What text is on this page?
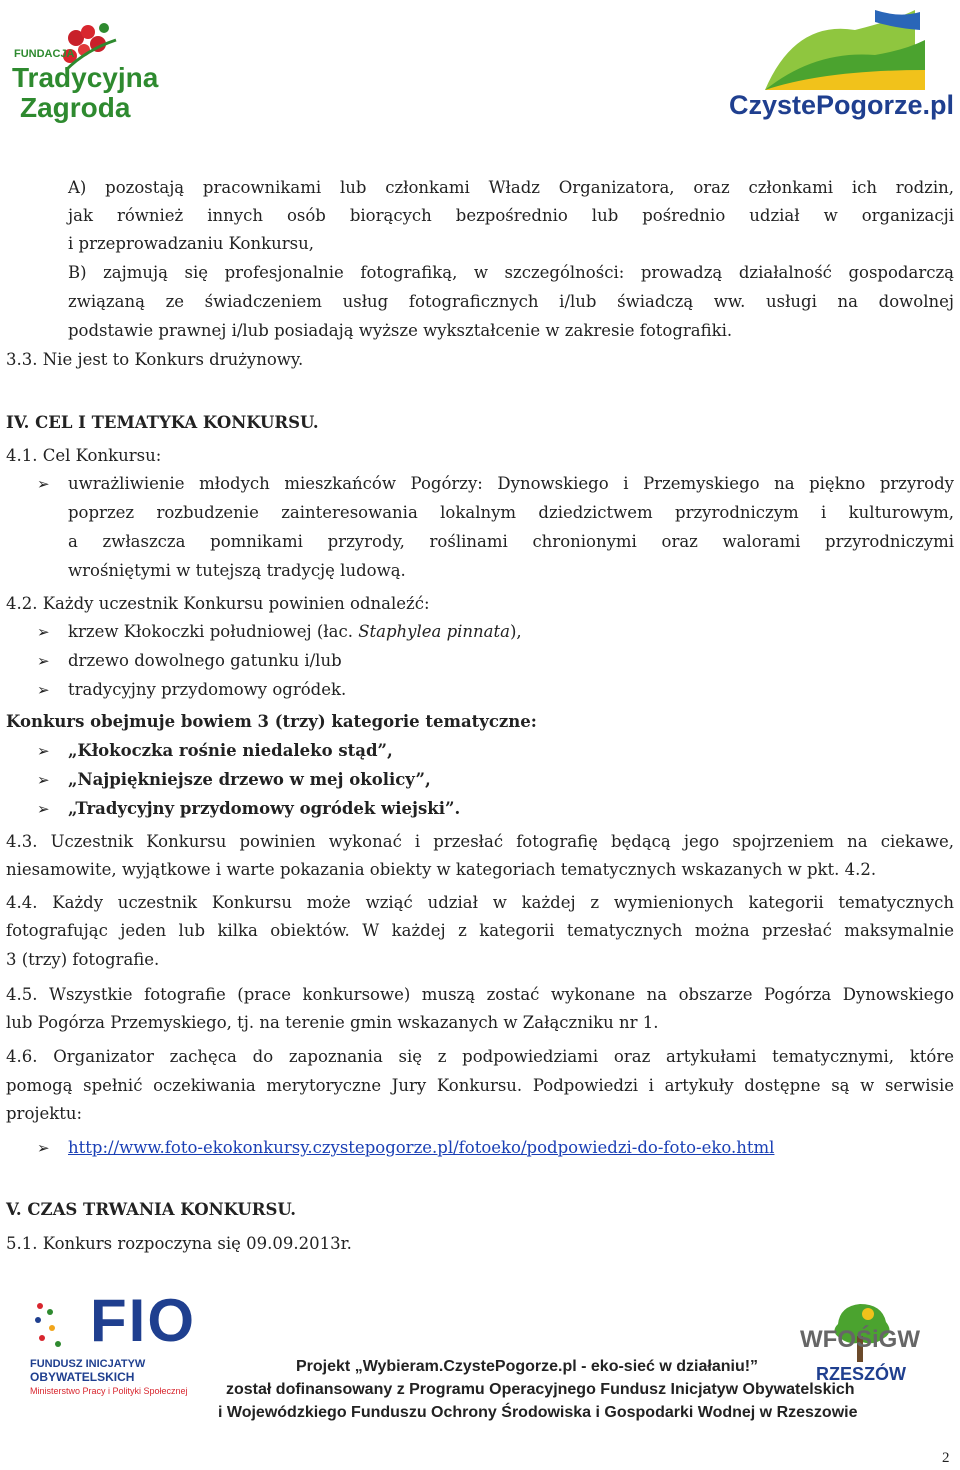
FUNDACJA
Tradycyjna
Zagroda	CzystePogorze.pl
A) pozostają pracownikami lub członkami Władz Organizatora, oraz członkami ich rodzin,
jak również innych osób biorących bezpośrednio lub pośrednio udział w organizacji
i przeprowadzaniu Konkursu,
B) zajmują się profesjonalnie fotografiką, w szczególności: prowadzą działalność gospodarczą
związaną ze świadczeniem usług fotograficznych i/lub świadczą ww. usługi na dowolnej
podstawie prawnej i/lub posiadają wyższe wykształcenie w zakresie fotografiki.
3.3. Nie jest to Konkurs drużynowy.
IV. CEL I TEMATYKA KONKURSU.
4.1. Cel Konkursu:
➢ uwrażliwienie młodych mieszkańców Pogórzy: Dynowskiego i Przemyskiego na piękno przyrody
poprzez rozbudzenie zainteresowania lokalnym dziedzictwem przyrodniczym i kulturowym,
a zwłaszcza pomnikami przyrody, roślinami chronionymi oraz walorami przyrodniczymi
wrośniętymi w tutejszą tradycję ludową.
4.2. Każdy uczestnik Konkursu powinien odnaleźć:
➢ krzew Kłokoczki południowej (łac. Staphylea pinnata),
➢ drzewo dowolnego gatunku i/lub
➢ tradycyjny przydomowy ogródek.
Konkurs obejmuje bowiem 3 (trzy) kategorie tematyczne:
➢ „Kłokoczka rośnie niedaleko stąd”,
➢ „Najpiękniejsze drzewo w mej okolicy”,
➢ „Tradycyjny przydomowy ogródek wiejski”.
4.3. Uczestnik Konkursu powinien wykonać i przesłać fotografię będącą jego spojrzeniem na ciekawe,
niesamowite, wyjątkowe i warte pokazania obiekty w kategoriach tematycznych wskazanych w pkt. 4.2.
4.4. Każdy uczestnik Konkursu może wziąć udział w każdej z wymienionych kategorii tematycznych
fotografując jeden lub kilka obiektów. W każdej z kategorii tematycznych można przesłać maksymalnie
3 (trzy) fotografie.
4.5. Wszystkie fotografie (prace konkursowe) muszą zostać wykonane na obszarze Pogórza Dynowskiego
lub Pogórza Przemyskiego, tj. na terenie gmin wskazanych w Załączniku nr 1.
4.6. Organizator zachęca do zapoznania się z podpowiedziami oraz artykułami tematycznymi, które
pomogą spełnić oczekiwania merytoryczne Jury Konkursu. Podpowiedzi i artykuły dostępne są w serwisie
projektu:
➢ http://www.foto-ekokonkursy.czystepogorze.pl/fotoeko/podpowiedzi-do-foto-eko.html
V. CZAS TRWANIA KONKURSU.
5.1. Konkurs rozpoczyna się 09.09.2013r.
FIO
FUNDUSZ INICJATYW
OBYWATELSKICH
Ministerstwo Pracy i Polityki Społecznej
WFOŚiGW
RZESZÓW
Projekt „Wybieram.CzystePogorze.pl - eko-sieć w działaniu!”
został dofinansowany z Programu Operacyjnego Fundusz Inicjatyw Obywatelskich
i Wojewódzkiego Funduszu Ochrony Środowiska i Gospodarki Wodnej w Rzeszowie
2
